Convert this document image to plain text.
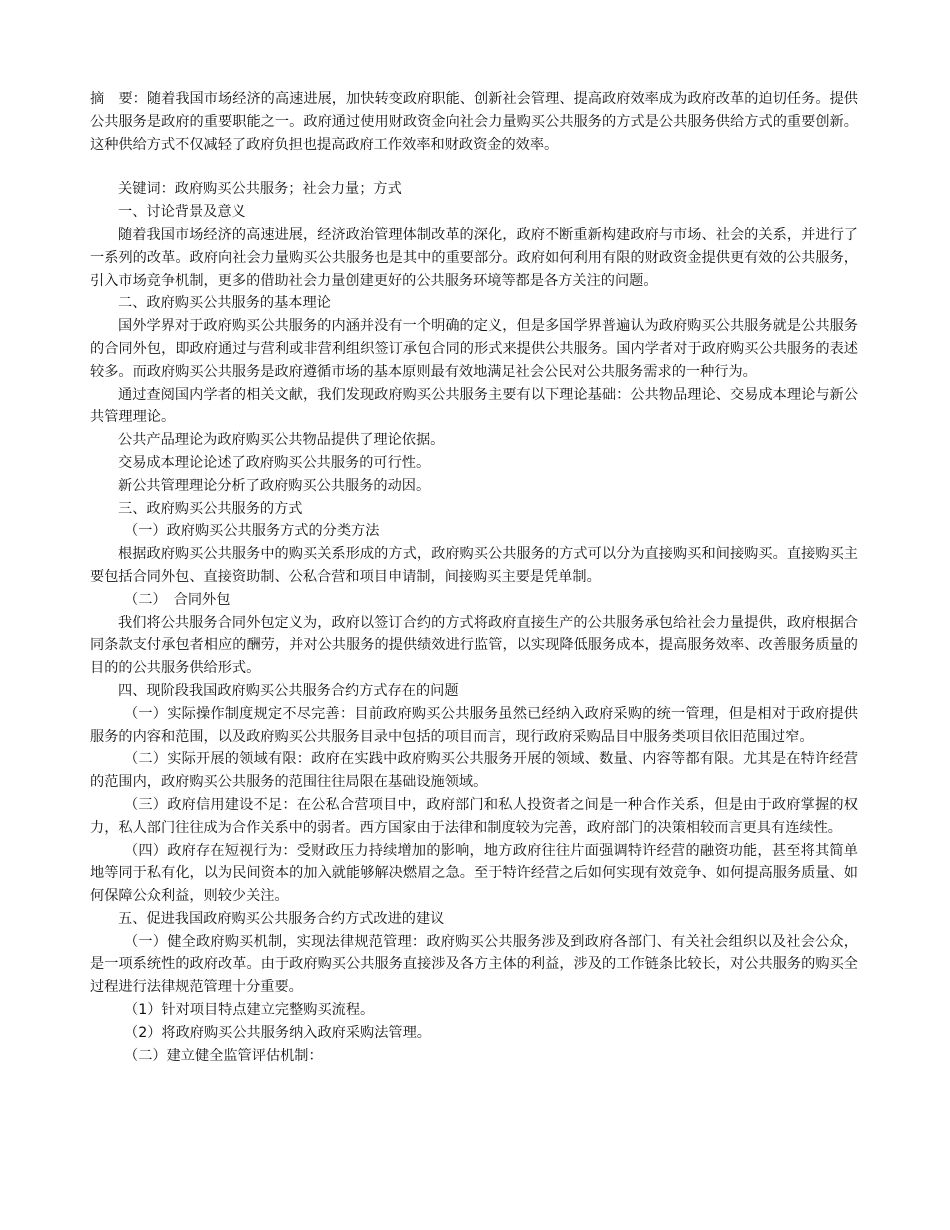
摘　要：随着我国市场经济的高速进展，加快转变政府职能、创新社会管理、提高政府效率成为政府改革的迫切任务。提供公共服务是政府的重要职能之一。政府通过使用财政资金向社会力量购买公共服务的方式是公共服务供给方式的重要创新。这种供给方式不仅减轻了政府负担也提高政府工作效率和财政资金的效率。

关键词：政府购买公共服务；社会力量；方式

一、讨论背景及意义

随着我国市场经济的高速进展，经济政治管理体制改革的深化，政府不断重新构建政府与市场、社会的关系，并进行了一系列的改革。政府向社会力量购买公共服务也是其中的重要部分。政府如何利用有限的财政资金提供更有效的公共服务，引入市场竞争机制，更多的借助社会力量创建更好的公共服务环境等都是各方关注的问题。

二、政府购买公共服务的基本理论

国外学界对于政府购买公共服务的内涵并没有一个明确的定义，但是多国学界普遍认为政府购买公共服务就是公共服务的合同外包，即政府通过与营利或非营利组织签订承包合同的形式来提供公共服务。国内学者对于政府购买公共服务的表述较多。而政府购买公共服务是政府遵循市场的基本原则最有效地满足社会公民对公共服务需求的一种行为。

通过查阅国内学者的相关文献，我们发现政府购买公共服务主要有以下理论基础：公共物品理论、交易成本理论与新公共管理理论。

公共产品理论为政府购买公共物品提供了理论依据。

交易成本理论论述了政府购买公共服务的可行性。

新公共管理理论分析了政府购买公共服务的动因。

三、政府购买公共服务的方式

（一）政府购买公共服务方式的分类方法

根据政府购买公共服务中的购买关系形成的方式，政府购买公共服务的方式可以分为直接购买和间接购买。直接购买主要包括合同外包、直接资助制、公私合营和项目申请制，间接购买主要是凭单制。

（二）　合同外包

我们将公共服务合同外包定义为，政府以签订合约的方式将政府直接生产的公共服务承包给社会力量提供，政府根据合同条款支付承包者相应的酬劳，并对公共服务的提供绩效进行监管，以实现降低服务成本，提高服务效率、改善服务质量的目的的公共服务供给形式。

四、现阶段我国政府购买公共服务合约方式存在的问题

（一）实际操作制度规定不尽完善：目前政府购买公共服务虽然已经纳入政府采购的统一管理，但是相对于政府提供服务的内容和范围，以及政府购买公共服务目录中包括的项目而言，现行政府采购品目中服务类项目依旧范围过窄。

（二）实际开展的领域有限：政府在实践中政府购买公共服务开展的领域、数量、内容等都有限。尤其是在特许经营的范围内，政府购买公共服务的范围往往局限在基础设施领域。

（三）政府信用建设不足：在公私合营项目中，政府部门和私人投资者之间是一种合作关系，但是由于政府掌握的权力，私人部门往往成为合作关系中的弱者。西方国家由于法律和制度较为完善，政府部门的决策相较而言更具有连续性。

（四）政府存在短视行为：受财政压力持续增加的影响，地方政府往往片面强调特许经营的融资功能，甚至将其简单地等同于私有化，以为民间资本的加入就能够解决燃眉之急。至于特许经营之后如何实现有效竞争、如何提高服务质量、如何保障公众利益，则较少关注。

五、促进我国政府购买公共服务合约方式改进的建议

（一）健全政府购买机制，实现法律规范管理：政府购买公共服务涉及到政府各部门、有关社会组织以及社会公众，是一项系统性的政府改革。由于政府购买公共服务直接涉及各方主体的利益，涉及的工作链条比较长，对公共服务的购买全过程进行法律规范管理十分重要。

（1）针对项目特点建立完整购买流程。

（2）将政府购买公共服务纳入政府采购法管理。

（二）建立健全监管评估机制：
